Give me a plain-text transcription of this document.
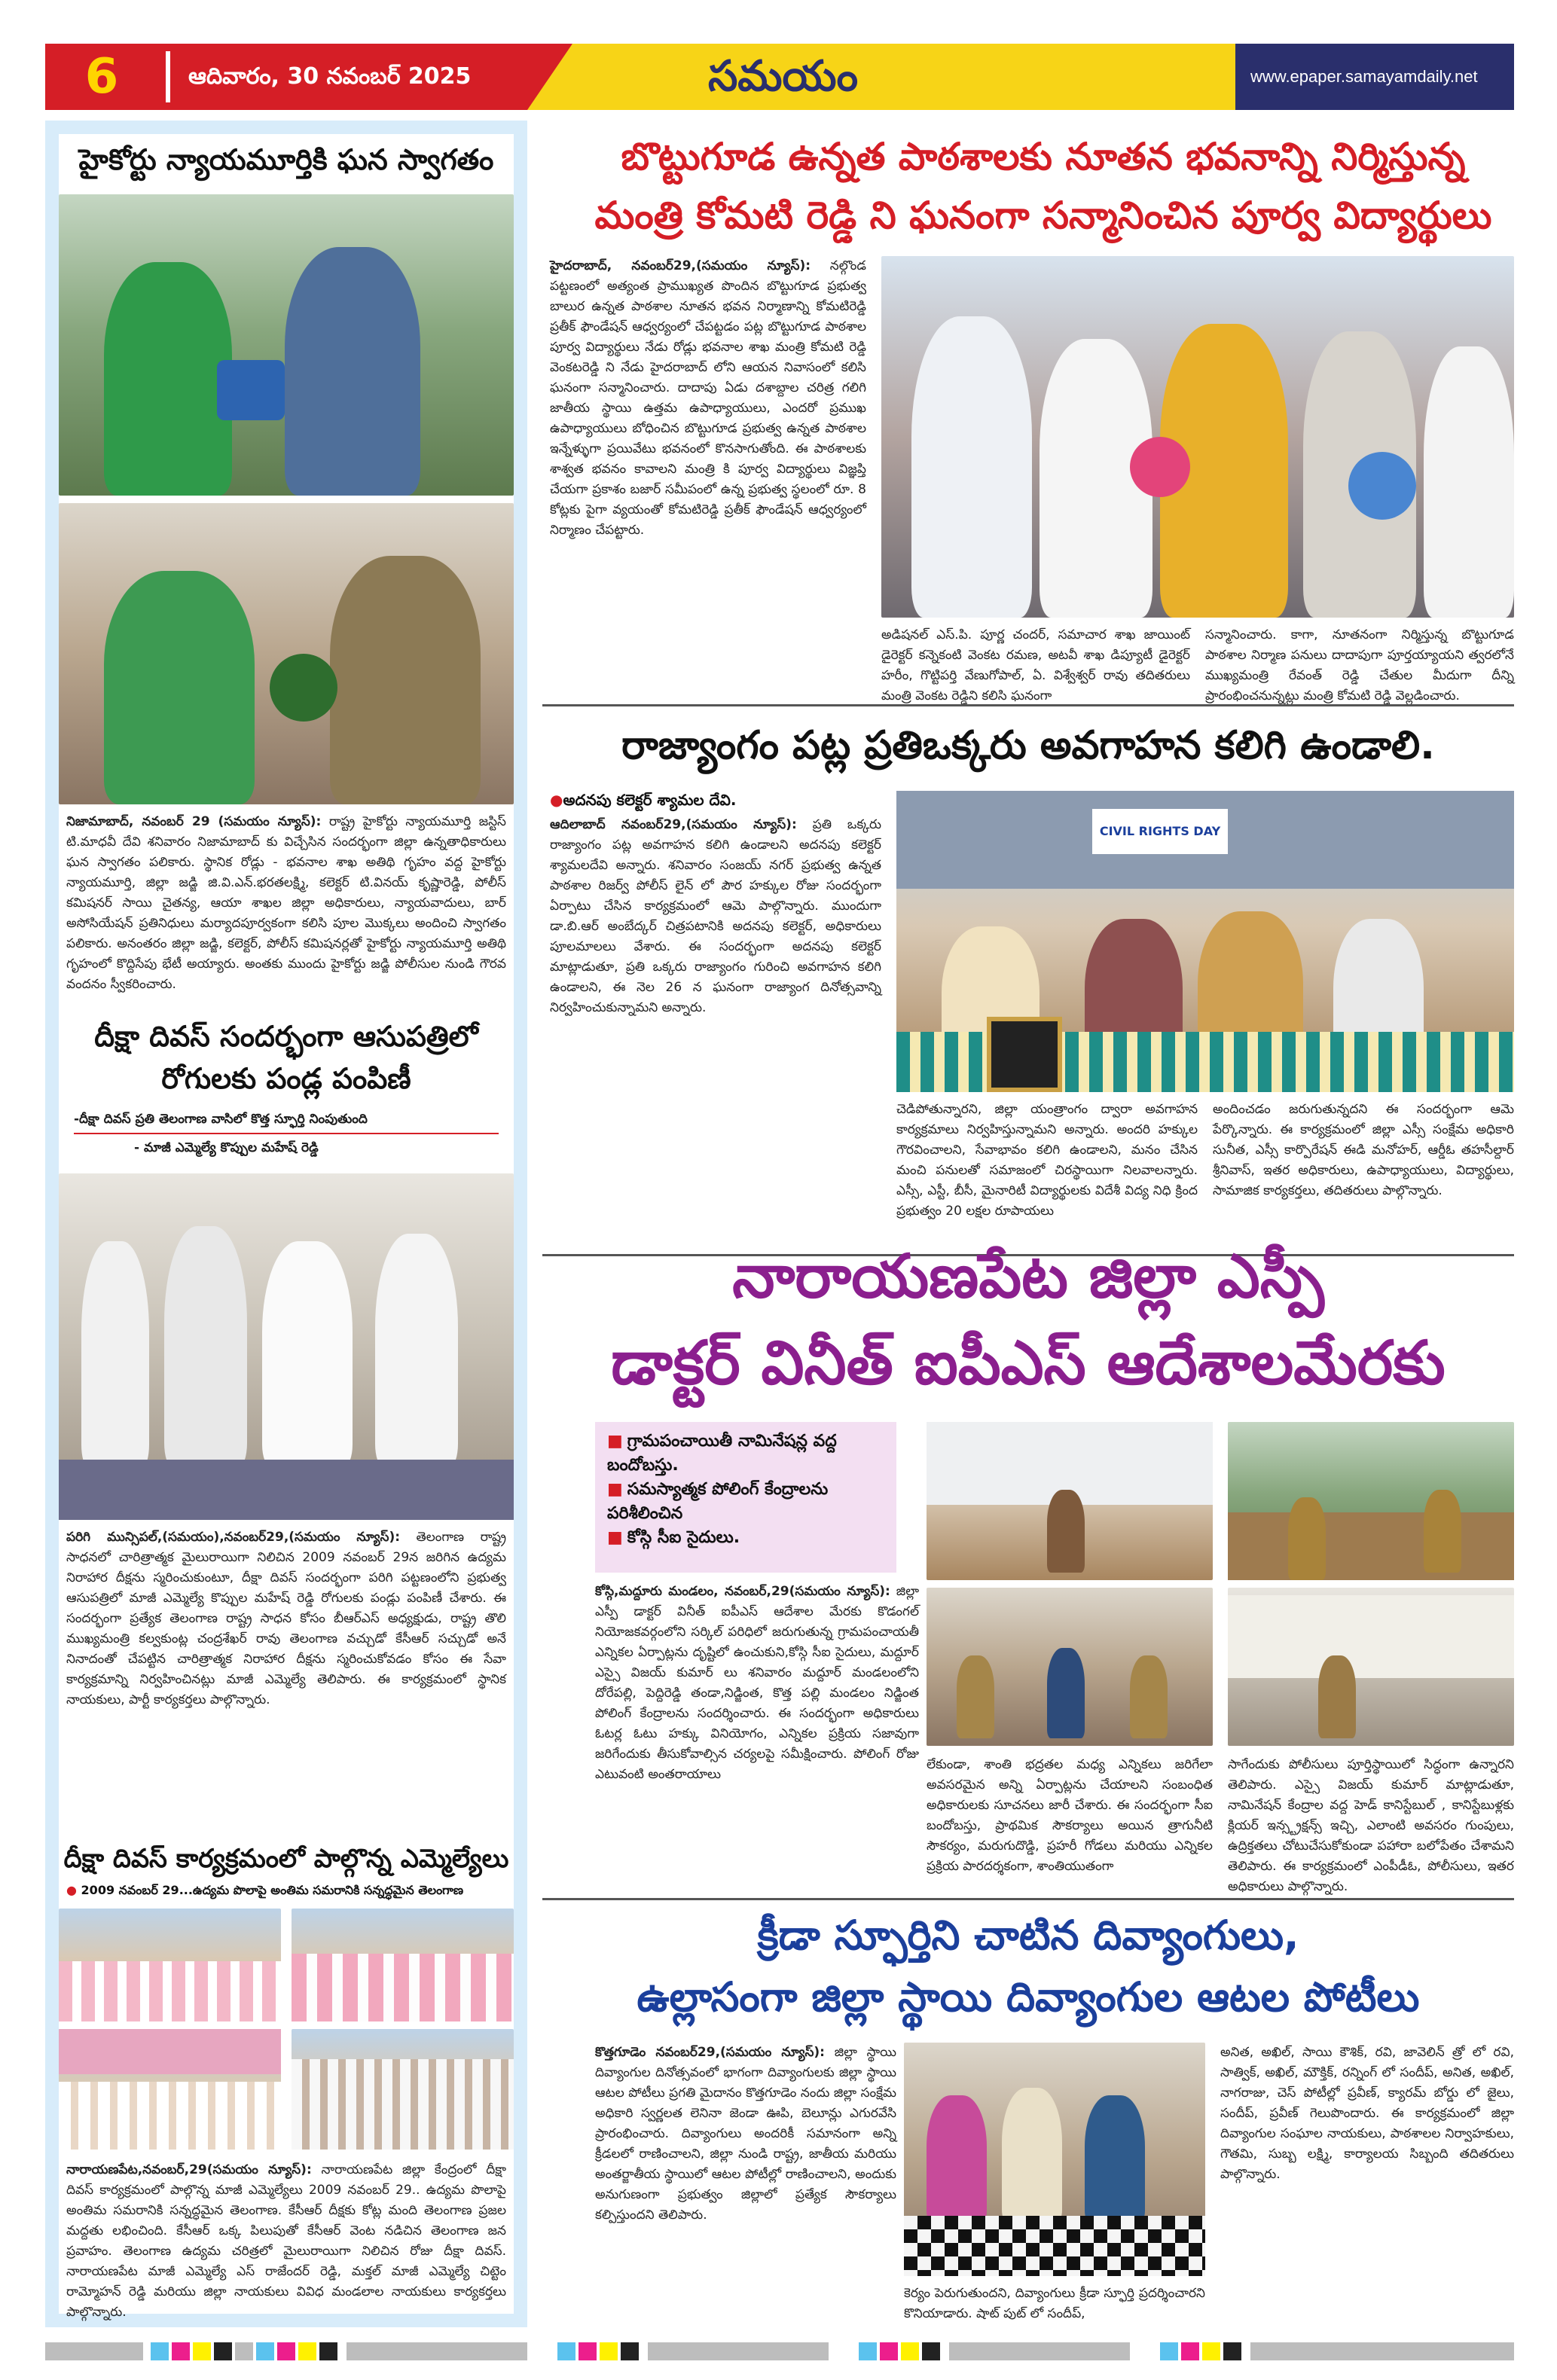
6	ఆదివారం, 30 నవంబర్ 2025	సమయం	www.epaper.samayamdaily.net
హైకోర్టు న్యాయమూర్తికి ఘన స్వాగతం
నిజామాబాద్, నవంబర్ 29 (సమయం న్యూస్): రాష్ట్ర హైకోర్టు న్యాయమూర్తి జస్టిస్ టి.మాధవీ దేవి శనివారం నిజామాబాద్ కు విచ్చేసిన సందర్భంగా జిల్లా ఉన్నతాధికారులు ఘన స్వాగతం పలికారు. స్థానిక రోడ్లు - భవనాల శాఖ అతిథి గృహం వద్ద హైకోర్టు న్యాయమూర్తి, జిల్లా జడ్జి జి.వి.ఎన్.భరతలక్ష్మి, కలెక్టర్ టి.వినయ్ కృష్ణారెడ్డి, పోలీస్ కమిషనర్ సాయి చైతన్య, ఆయా శాఖల జిల్లా అధికారులు, న్యాయవాదులు, బార్ అసోసియేషన్ ప్రతినిధులు మర్యాదపూర్వకంగా కలిసి పూల మొక్కలు అందించి స్వాగతం పలికారు. అనంతరం జిల్లా జడ్జి, కలెక్టర్, పోలీస్ కమిషనర్లతో హైకోర్టు న్యాయమూర్తి అతిథి గృహంలో కొద్దిసేపు భేటీ అయ్యారు. అంతకు ముందు హైకోర్టు జడ్జి పోలీసుల నుండి గౌరవ వందనం స్వీకరించారు.
దీక్షా దివస్ సందర్భంగా ఆసుపత్రిలో రోగులకు పండ్ల పంపిణీ
-దీక్షా దివస్ ప్రతి తెలంగాణ వాసిలో కొత్త స్ఫూర్తి నింపుతుంది
- మాజీ ఎమ్మెల్యే కొప్పుల మహేష్ రెడ్డి
పరిగి మున్సిపల్,(సమయం),నవంబర్29,(సమయం న్యూస్): తెలంగాణ రాష్ట్ర సాధనలో చారిత్రాత్మక మైలురాయిగా నిలిచిన 2009 నవంబర్ 29న జరిగిన ఉద్యమ నిరాహార దీక్షను స్మరించుకుంటూ, దీక్షా దివస్ సందర్భంగా పరిగి పట్టణంలోని ప్రభుత్వ ఆసుపత్రిలో మాజీ ఎమ్మెల్యే కొప్పుల మహేష్ రెడ్డి రోగులకు పండ్లు పంపిణీ చేశారు. ఈ సందర్భంగా ప్రత్యేక తెలంగాణ రాష్ట్ర సాధన కోసం బీఆర్ఎస్ అధ్యక్షుడు, రాష్ట్ర తొలి ముఖ్యమంత్రి కల్వకుంట్ల చంద్రశేఖర్ రావు తెలంగాణ వచ్చుడో కేసీఆర్ సచ్చుడో అనే నినాదంతో చేపట్టిన చారిత్రాత్మక నిరాహార దీక్షను స్మరించుకోవడం కోసం ఈ సేవా కార్యక్రమాన్ని నిర్వహించినట్లు మాజీ ఎమ్మెల్యే తెలిపారు. ఈ కార్యక్రమంలో స్థానిక నాయకులు, పార్టీ కార్యకర్తలు పాల్గొన్నారు.
దీక్షా దివస్ కార్యక్రమంలో పాల్గొన్న ఎమ్మెల్యేలు
● 2009 నవంబర్ 29...ఉద్యమ పొలాపై అంతిమ సమరానికి సన్నద్ధమైన తెలంగాణ
నారాయణపేట,నవంబర్,29(సమయం న్యూస్): నారాయణపేట జిల్లా కేంద్రంలో దీక్షా దివస్ కార్యక్రమంలో పాల్గొన్న మాజీ ఎమ్మెల్యేలు 2009 నవంబర్ 29.. ఉద్యమ పొలాపై అంతిమ సమరానికి సన్నద్ధమైన తెలంగాణ. కేసీఆర్ దీక్షకు కోట్ల మంది తెలంగాణ ప్రజల మద్దతు లభించింది. కేసీఆర్ ఒక్క పిలుపుతో కేసీఆర్ వెంట నడిచిన తెలంగాణ జన ప్రవాహం. తెలంగాణ ఉద్యమ చరిత్రలో మైలురాయిగా నిలిచిన రోజు దీక్షా దివస్. నారాయణపేట మాజీ ఎమ్మెల్యే ఎస్ రాజేందర్ రెడ్డి, మక్తల్ మాజీ ఎమ్మెల్యే చిట్టెం రామ్మోహన్ రెడ్డి మరియు జిల్లా నాయకులు వివిధ మండలాల నాయకులు కార్యకర్తలు పాల్గొన్నారు.
బొట్టుగూడ ఉన్నత పాఠశాలకు నూతన భవనాన్ని నిర్మిస్తున్న
మంత్రి కోమటి రెడ్డి ని ఘనంగా సన్మానించిన పూర్వ విద్యార్థులు
హైదరాబాద్, నవంబర్29,(సమయం న్యూస్): నల్గొండ పట్టణంలో అత్యంత ప్రాముఖ్యత పొందిన బొట్టుగూడ ప్రభుత్వ బాలుర ఉన్నత పాఠశాల నూతన భవన నిర్మాణాన్ని కోమటిరెడ్డి ప్రతీక్ ఫౌండేషన్ ఆధ్వర్యంలో చేపట్టడం పట్ల బొట్టుగూడ పాఠశాల పూర్వ విద్యార్థులు నేడు రోడ్లు భవనాల శాఖ మంత్రి కోమటి రెడ్డి వెంకటరెడ్డి ని నేడు హైదరాబాద్ లోని ఆయన నివాసంలో కలిసి ఘనంగా సన్మానించారు. దాదాపు ఏడు దశాబ్దాల చరిత్ర గలిగి జాతీయ స్థాయి ఉత్తమ ఉపాధ్యాయులు, ఎందరో ప్రముఖ ఉపాధ్యాయులు బోధించిన బొట్టుగూడ ప్రభుత్వ ఉన్నత పాఠశాల ఇన్నేళ్ళుగా ప్రయివేటు భవనంలో కొనసాగుతోంది. ఈ పాఠశాలకు శాశ్వత భవనం కావాలని మంత్రి కి పూర్వ విద్యార్థులు విజ్ఞప్తి చేయగా ప్రకాశం బజార్ సమీపంలో ఉన్న ప్రభుత్వ స్థలంలో రూ. 8 కోట్లకు పైగా వ్యయంతో కోమటిరెడ్డి ప్రతీక్ ఫౌండేషన్ ఆధ్వర్యంలో నిర్మాణం చేపట్టారు.
అడిషనల్ ఎస్.పి. పూర్ణ చందర్, సమాచార శాఖ జాయింట్ డైరెక్టర్ కన్నెకంటి వెంకట రమణ, అటవీ శాఖ డిప్యూటీ డైరెక్టర్ హరీం, గొట్టిపర్తి వేణుగోపాల్, ఏ. విశ్వేశ్వర్ రావు తదితరులు మంత్రి వెంకట రెడ్డిని కలిసి ఘనంగా
సన్మానించారు. కాగా, నూతనంగా నిర్మిస్తున్న బొట్టుగూడ పాఠశాల నిర్మాణ పనులు దాదాపుగా పూర్తయ్యాయని త్వరలోనే ముఖ్యమంత్రి రేవంత్ రెడ్డి చేతుల మీదుగా దీన్ని ప్రారంభించనున్నట్లు మంత్రి కోమటి రెడ్డి వెల్లడించారు.
రాజ్యాంగం పట్ల ప్రతిఒక్కరు అవగాహన కలిగి ఉండాలి.
●అదనపు కలెక్టర్ శ్యామల దేవి.
ఆదిలాబాద్ నవంబర్29,(సమయం న్యూస్): ప్రతి ఒక్కరు రాజ్యాంగం పట్ల అవగాహన కలిగి ఉండాలని అదనపు కలెక్టర్ శ్యామలదేవి అన్నారు. శనివారం సంజయ్ నగర్ ప్రభుత్వ ఉన్నత పాఠశాల రిజర్వ్ పోలీస్ లైన్ లో పౌర హక్కుల రోజు సందర్భంగా ఏర్పాటు చేసిన కార్యక్రమంలో ఆమె పాల్గొన్నారు. ముందుగా డా.బి.ఆర్ అంబేద్కర్ చిత్రపటానికి అదనపు కలెక్టర్, అధికారులు పూలమాలలు వేశారు. ఈ సందర్భంగా అదనపు కలెక్టర్ మాట్లాడుతూ, ప్రతి ఒక్కరు రాజ్యాంగం గురించి అవగాహన కలిగి ఉండాలని, ఈ నెల 26 న ఘనంగా రాజ్యాంగ దినోత్సవాన్ని నిర్వహించుకున్నామని అన్నారు.
CIVIL RIGHTS DAY
చెడిపోతున్నారని, జిల్లా యంత్రాంగం ద్వారా అవగాహన కార్యక్రమాలు నిర్వహిస్తున్నామని అన్నారు. అందరి హక్కుల గౌరవించాలని, సేవాభావం కలిగి ఉండాలని, మనం చేసిన మంచి పనులతో సమాజంలో చిరస్థాయిగా నిలవాలన్నారు. ఎస్సీ, ఎస్టీ, బీసీ, మైనారిటీ విద్యార్థులకు విదేశీ విద్య నిధి క్రింద ప్రభుత్వం 20 లక్షల రూపాయలు
అందించడం జరుగుతున్నదని ఈ సందర్భంగా ఆమె పేర్కొన్నారు. ఈ కార్యక్రమంలో జిల్లా ఎస్సీ సంక్షేమ అధికారి సునీత, ఎస్సీ కార్పొరేషన్ ఈడి మనోహర్, ఆర్డీఓ తహసీల్దార్ శ్రీనివాస్, ఇతర అధికారులు, ఉపాధ్యాయులు, విద్యార్థులు, సామాజిక కార్యకర్తలు, తదితరులు పాల్గొన్నారు.
నారాయణపేట జిల్లా ఎస్పీ
డాక్టర్ వినీత్ ఐపీఎస్ ఆదేశాలమేరకు
■ గ్రామపంచాయితీ నామినేషన్ల వద్ద బందోబస్తు.
■ సమస్యాత్మక పోలింగ్ కేంద్రాలను పరిశీలించిన
■ కోస్గి సీఐ సైదులు.
కోస్గి,మద్దూరు మండలం, నవంబర్,29(సమయం న్యూస్): జిల్లా ఎస్పీ డాక్టర్ వినీత్ ఐపీఎస్ ఆదేశాల మేరకు కొడంగల్ నియోజకవర్గంలోని సర్కిల్ పరిధిలో జరుగుతున్న గ్రామపంచాయతీ ఎన్నికల ఏర్పాట్లను దృష్టిలో ఉంచుకుని,కోస్గి సీఐ సైదులు, మద్దూర్ ఎస్సై విజయ్ కుమార్ లు శనివారం మద్దూర్ మండలంలోని దోరేపల్లి, పెద్దిరెడ్డి తండా,నిడ్జింత, కొత్త పల్లి మండలం నిడ్జింత పోలింగ్ కేంద్రాలను సందర్శించారు. ఈ సందర్భంగా అధికారులు ఓటర్ల ఓటు హక్కు వినియోగం, ఎన్నికల ప్రక్రియ సజావుగా జరిగేందుకు తీసుకోవాల్సిన చర్యలపై సమీక్షించారు. పోలింగ్ రోజు ఎటువంటి అంతరాయాలు
లేకుండా, శాంతి భద్రతల మధ్య ఎన్నికలు జరిగేలా అవసరమైన అన్ని ఏర్పాట్లను చేయాలని సంబంధిత అధికారులకు సూచనలు జారీ చేశారు. ఈ సందర్భంగా సీఐ బందోబస్తు, ప్రాథమిక సౌకర్యాలు అయిన త్రాగునీటి సౌకర్యం, మరుగుదొడ్డి, ప్రహరీ గోడలు మరియు ఎన్నికల ప్రక్రియ పారదర్శకంగా, శాంతియుతంగా
సాగేందుకు పోలీసులు పూర్తిస్థాయిలో సిద్ధంగా ఉన్నారని తెలిపారు. ఎస్సై విజయ్ కుమార్ మాట్లాడుతూ, నామినేషన్ కేంద్రాల వద్ద హెడ్ కానిస్టేబుల్ , కానిస్టేబుళ్లకు క్లియర్ ఇన్స్ట్రక్షన్స్ ఇచ్చి, ఎలాంటి అవసరం గుంపులు, ఉద్రిక్తతలు చోటుచేసుకోకుండా పహారా బలోపేతం చేశామని తెలిపారు. ఈ కార్యక్రమంలో ఎంపీడీఓ, పోలీసులు, ఇతర అధికారులు పాల్గొన్నారు.
క్రీడా స్ఫూర్తిని చాటిన దివ్యాంగులు,
ఉల్లాసంగా జిల్లా స్థాయి దివ్యాంగుల ఆటల పోటీలు
కొత్తగూడెం నవంబర్29,(సమయం న్యూస్): జిల్లా స్థాయి దివ్యాంగుల దినోత్సవంలో భాగంగా దివ్యాంగులకు జిల్లా స్థాయి ఆటల పోటీలు ప్రగతి మైదానం కొత్తగూడెం నందు జిల్లా సంక్షేమ అధికారి స్వర్ణలత లెనినా జెండా ఊపి, బెలూన్లు ఎగురవేసి ప్రారంభించారు. దివ్యాంగులు అందరికీ సమానంగా అన్ని క్రీడలలో రాణించాలని, జిల్లా నుండి రాష్ట్ర, జాతీయ మరియు అంతర్జాతీయ స్థాయిలో ఆటల పోటీల్లో రాణించాలని, అందుకు అనుగుణంగా ప్రభుత్వం జిల్లాలో ప్రత్యేక సౌకర్యాలు కల్పిస్తుందని తెలిపారు.
కెర్యం పెరుగుతుందని, దివ్యాంగులు క్రీడా స్ఫూర్తి ప్రదర్శించారని కొనియాడారు. షాట్ పుట్ లో సందీప్,
అనిత, అఖిల్, సాయి కౌశిక్, రవి, జావెలిన్ త్రో లో రవి, సాత్విక్, అఖిల్, మౌక్తిక్, రన్నింగ్ లో సందీప్, అనిత, అఖిల్, నాగరాజు, చెస్ పోటీల్లో ప్రవీణ్, క్యారమ్ బోర్డు లో జైలు, సందీప్, ప్రవీణ్ గెలుపొందారు. ఈ కార్యక్రమంలో జిల్లా దివ్యాంగుల సంఘాల నాయకులు, పాఠశాలల నిర్వాహకులు, గౌతమి, సుబ్బ లక్ష్మి, కార్యాలయ సిబ్బంది తదితరులు పాల్గొన్నారు.
